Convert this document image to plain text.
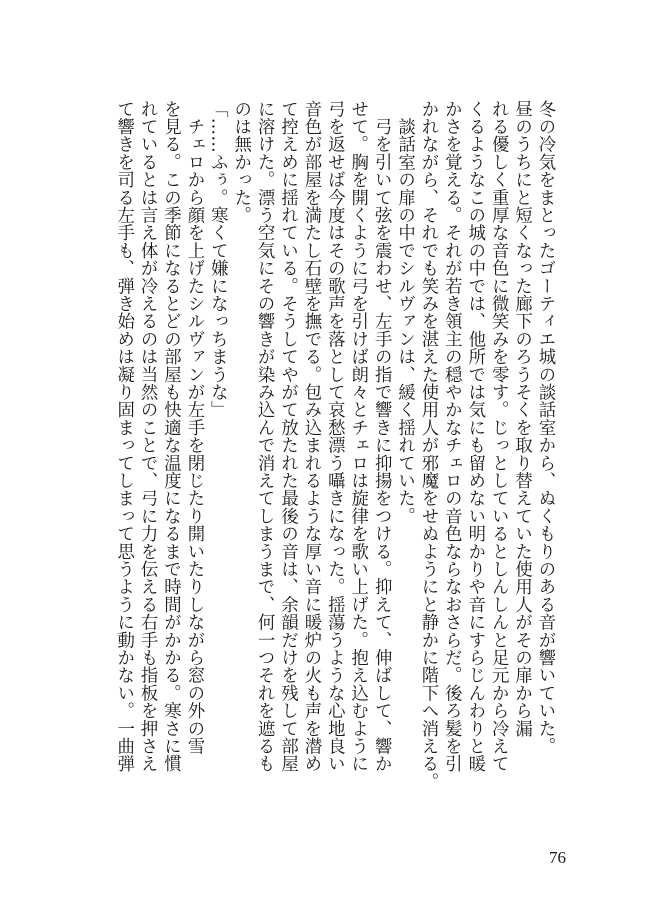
冬の冷気をまとったゴーティエ城の談話室から、ぬくもりのある音が響いていた。
昼のうちにと短くなった廊下のろうそくを取り替えていた使用人がその扉から漏
れる優しく重厚な音色に微笑みを零す。じっとしているとしんしんと足元から冷えて
くるようなこの城の中では、他所では気にも留めない明かりや音にすらじんわりと暖
かさを覚える。それが若き領主の穏やかなチェロの音色ならなおさらだ。後ろ髪を引
かれながら、それでも笑みを湛えた使用人が邪魔をせぬようにと静かに階下へ消える。
　談話室の扉の中でシルヴァンは、緩く揺れていた。
　弓を引いて弦を震わせ、左手の指で響きに抑揚をつける。抑えて、伸ばして、響か
せて。胸を開くように弓を引けば朗々とチェロは旋律を歌い上げた。抱え込むように
弓を返せば今度はその歌声を落として哀愁漂う囁きになった。揺蕩うような心地良い
音色が部屋を満たし石壁を撫でる。包み込まれるような厚い音に暖炉の火も声を潜め
て控えめに揺れている。そうしてやがて放たれた最後の音は、余韻だけを残して部屋
に溶けた。漂う空気にその響きが染み込んで消えてしまうまで、何一つそれを遮るも
のは無かった。
「……ふぅ。寒くて嫌になっちまうな」
　チェロから顔を上げたシルヴァンが左手を閉じたり開いたりしながら窓の外の雪
を見る。この季節になるとどの部屋も快適な温度になるまで時間がかかる。寒さに慣
れているとは言え体が冷えるのは当然のことで、弓に力を伝える右手も指板を押さえ
て響きを司る左手も、弾き始めは凝り固まってしまって思うように動かない。一曲弾
76
